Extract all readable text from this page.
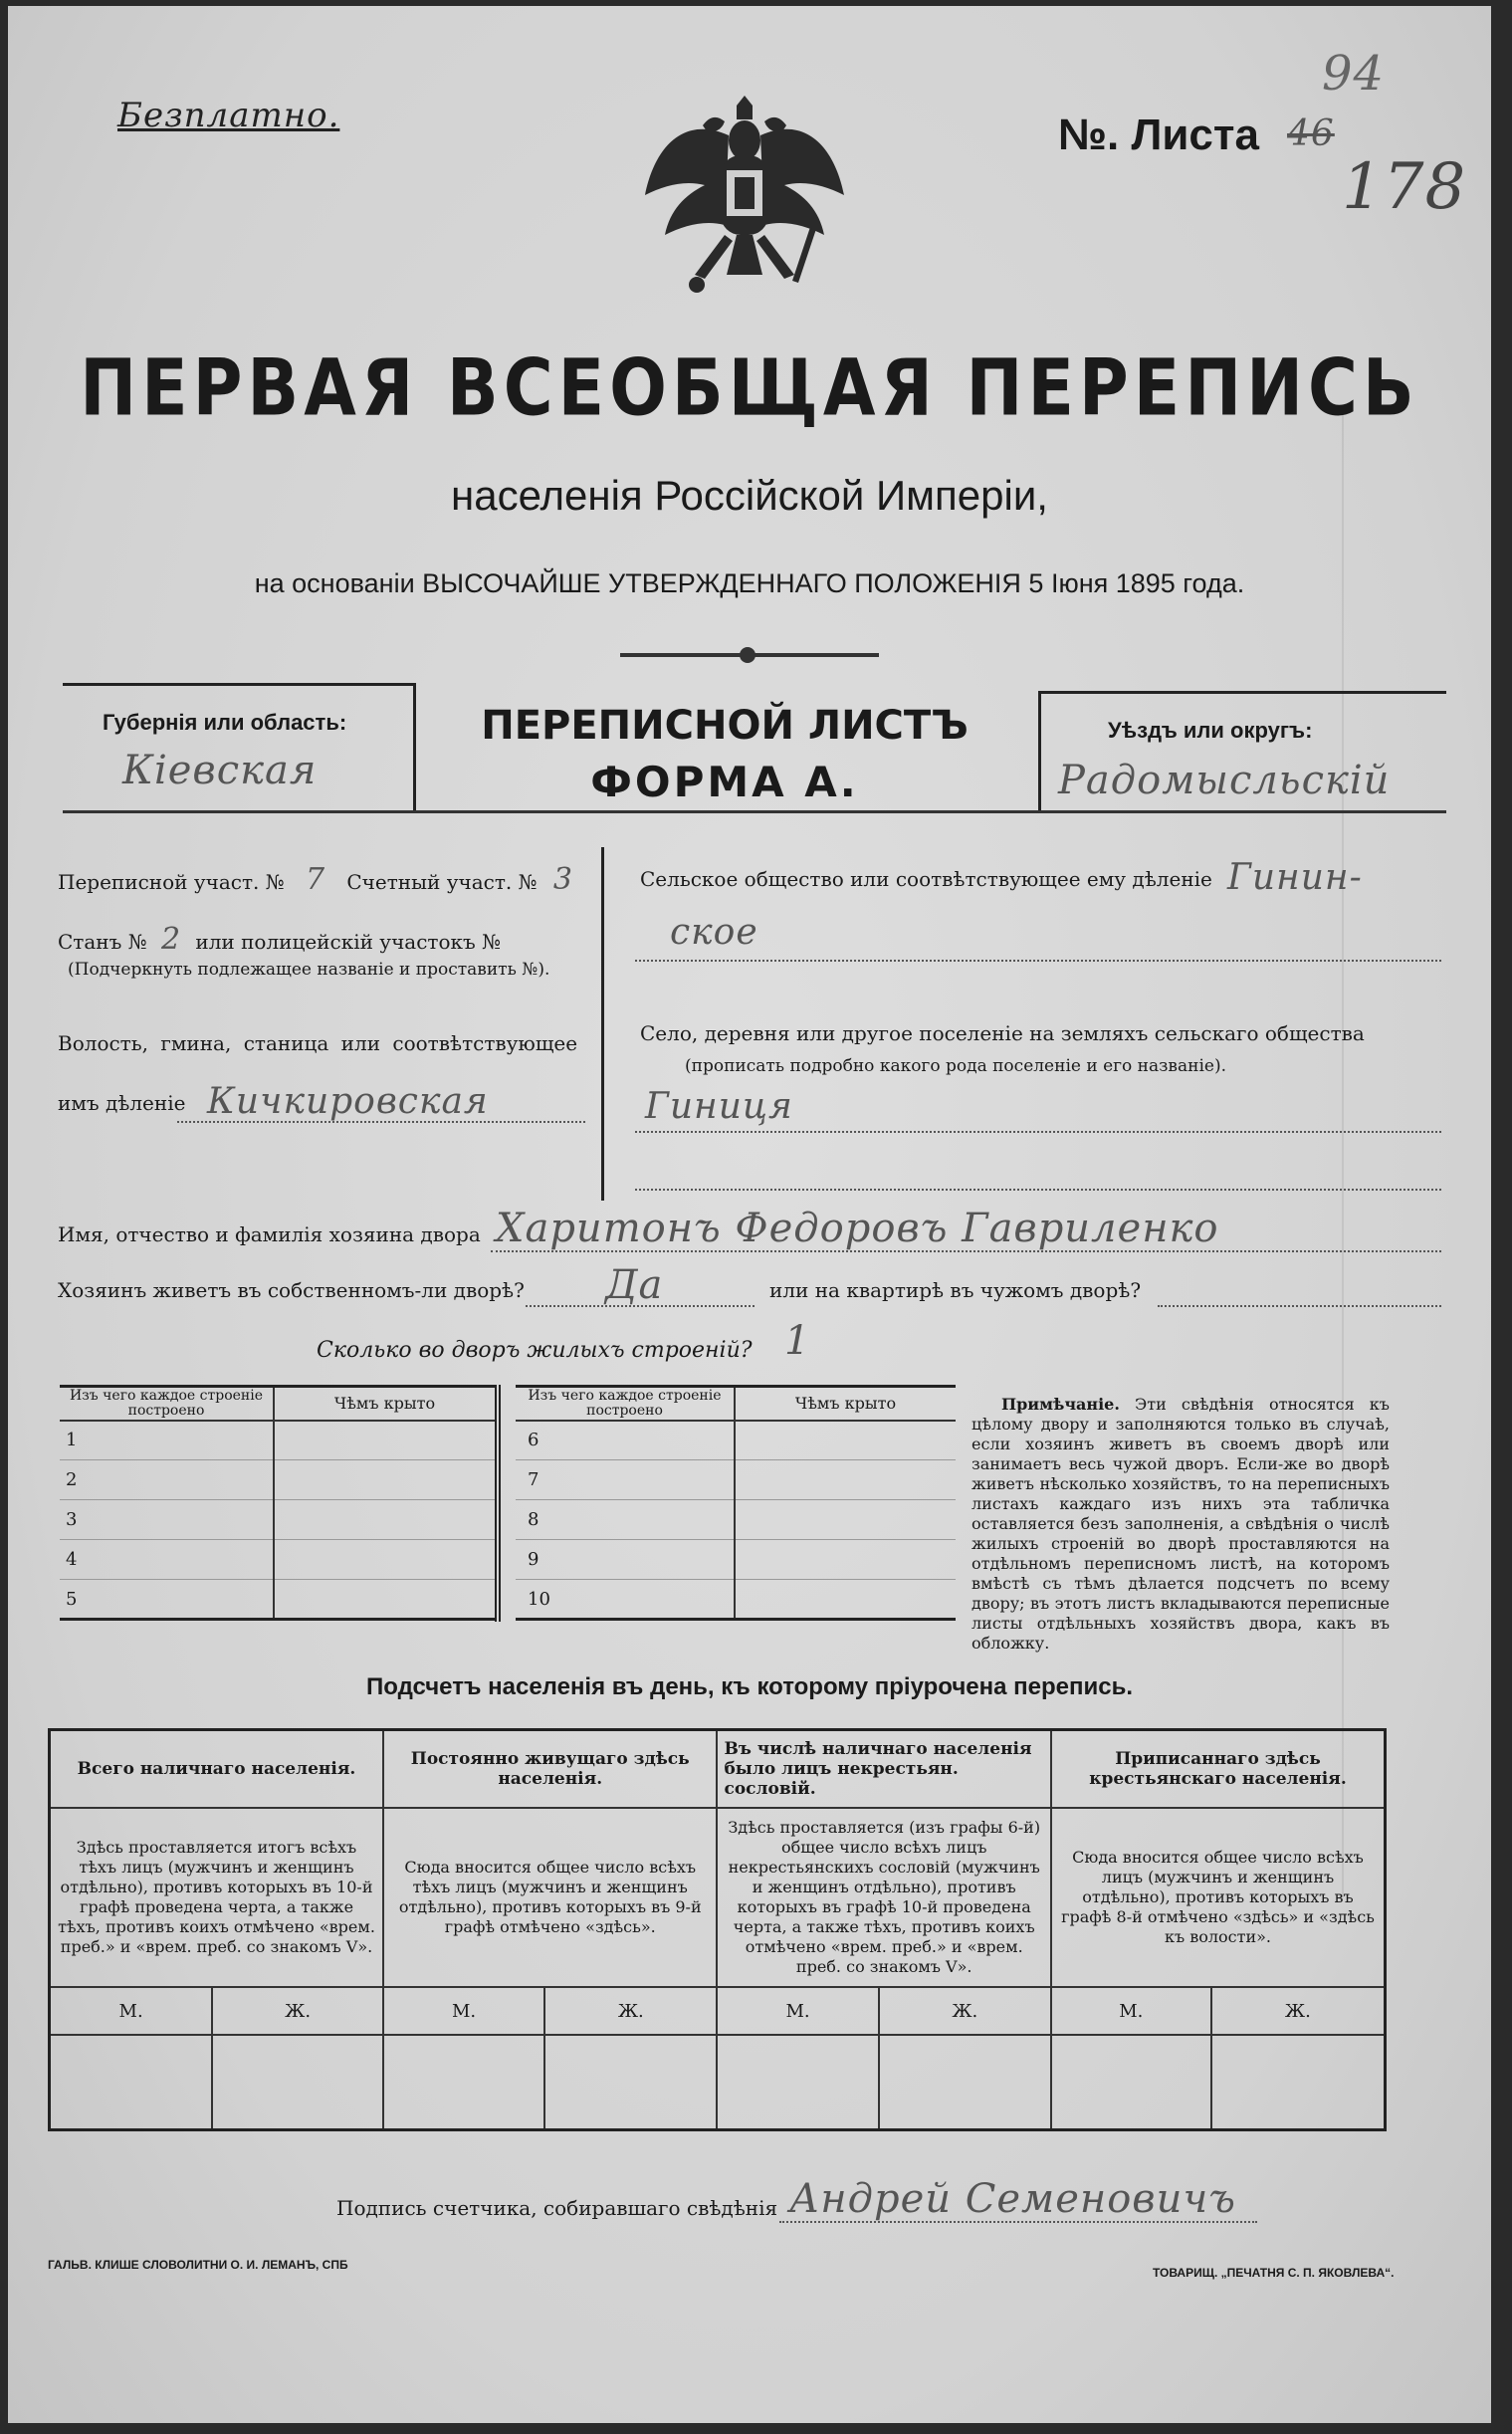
Безплатно.	№. Листа 46
94
178
ПЕРВАЯ ВСЕОБЩАЯ ПЕРЕПИСЬ
населенія Россійской Имперіи,
на основаніи ВЫСОЧАЙШЕ УТВЕРЖДЕННАГО ПОЛОЖЕНІЯ 5 Іюня 1895 года.
Губернія или область:
Кіевская
ПЕРЕПИСНОЙ ЛИСТЪ
ФОРМА А.
Уѣздъ или округъ:
Радомысльскій
Переписной участ. № 7 Счетный участ. № 3
Станъ № 2 или полицейскій участокъ №
(Подчеркнуть подлежащее названіе и проставить №).
Волость, гмина, станица или соотвѣтствующее
имъ дѣленіе Кичкировская
Сельское общество или соотвѣтствующее ему дѣленіе Гинин-
ское
Село, деревня или другое поселеніе на земляхъ сельскаго общества
(прописать подробно какого рода поселеніе и его названіе).
Гиниця
Имя, отчество и фамилія хозяина двора Харитонъ Федоровъ Гавриленко
Хозяинъ живетъ въ собственномъ-ли дворѣ? Да	или на квартирѣ въ чужомъ дворѣ?
Сколько во дворъ жилыхъ строеній? 1
Изъ чего каждое строеніе построено	Чѣмъ крыто
1	
2	
3	
4	
5	
Изъ чего каждое строеніе построено	Чѣмъ крыто
6	
7	
8	
9	
10	
Примѣчаніе. Эти свѣдѣнія относятся къ цѣлому двору и заполняются только въ случаѣ, если хозяинъ живетъ въ своемъ дворѣ или занимаетъ весь чужой дворъ. Если-же во дворѣ живетъ нѣсколько хозяйствъ, то на переписныхъ листахъ каждаго изъ нихъ эта табличка оставляется безъ заполненія, а свѣдѣнія о числѣ жилыхъ строеній во дворѣ проставляются на отдѣльномъ переписномъ листѣ, на которомъ вмѣстѣ съ тѣмъ дѣлается подсчетъ по всему двору; въ этотъ листъ вкладываются переписные листы отдѣльныхъ хозяйствъ двора, какъ въ обложку.
Подсчетъ населенія въ день, къ которому пріурочена перепись.
Всего наличнаго населенія.		Постоянно живущаго здѣсь населенія.		Въ числѣ наличнаго населенія было лицъ некрестьян. сословій.		Приписаннаго здѣсь крестьянскаго населенія.	
Здѣсь проставляется итогъ всѣхъ тѣхъ лицъ (мужчинъ и женщинъ отдѣльно), противъ которыхъ въ 10-й графѣ проведена черта, а также тѣхъ, противъ коихъ отмѣчено «врем. преб.» и «врем. преб. со знакомъ V».		Сюда вносится общее число всѣхъ тѣхъ лицъ (мужчинъ и женщинъ отдѣльно), противъ которыхъ въ 9-й графѣ отмѣчено «здѣсь».		Здѣсь проставляется (изъ графы 6-й) общее число всѣхъ лицъ некрестьянскихъ сословій (мужчинъ и женщинъ отдѣльно), противъ которыхъ въ графѣ 10-й проведена черта, а также тѣхъ, противъ коихъ отмѣчено «врем. преб.» и «врем. преб. со знакомъ V».		Сюда вносится общее число всѣхъ лицъ (мужчинъ и женщинъ отдѣльно), противъ которыхъ въ графѣ 8-й отмѣчено «здѣсь» и «здѣсь къ волости».	
М.	Ж.	М.	Ж.	М.	Ж.	М.	Ж.

Подпись счетчика, собиравшаго свѣдѣнія Андрей Семеновичъ
ГАЛЬВ. КЛИШЕ СЛОВОЛИТНИ О. И. ЛЕМАНЪ, СПБ
ТОВАРИЩ. „ПЕЧАТНЯ С. П. ЯКОВЛЕВА“.
